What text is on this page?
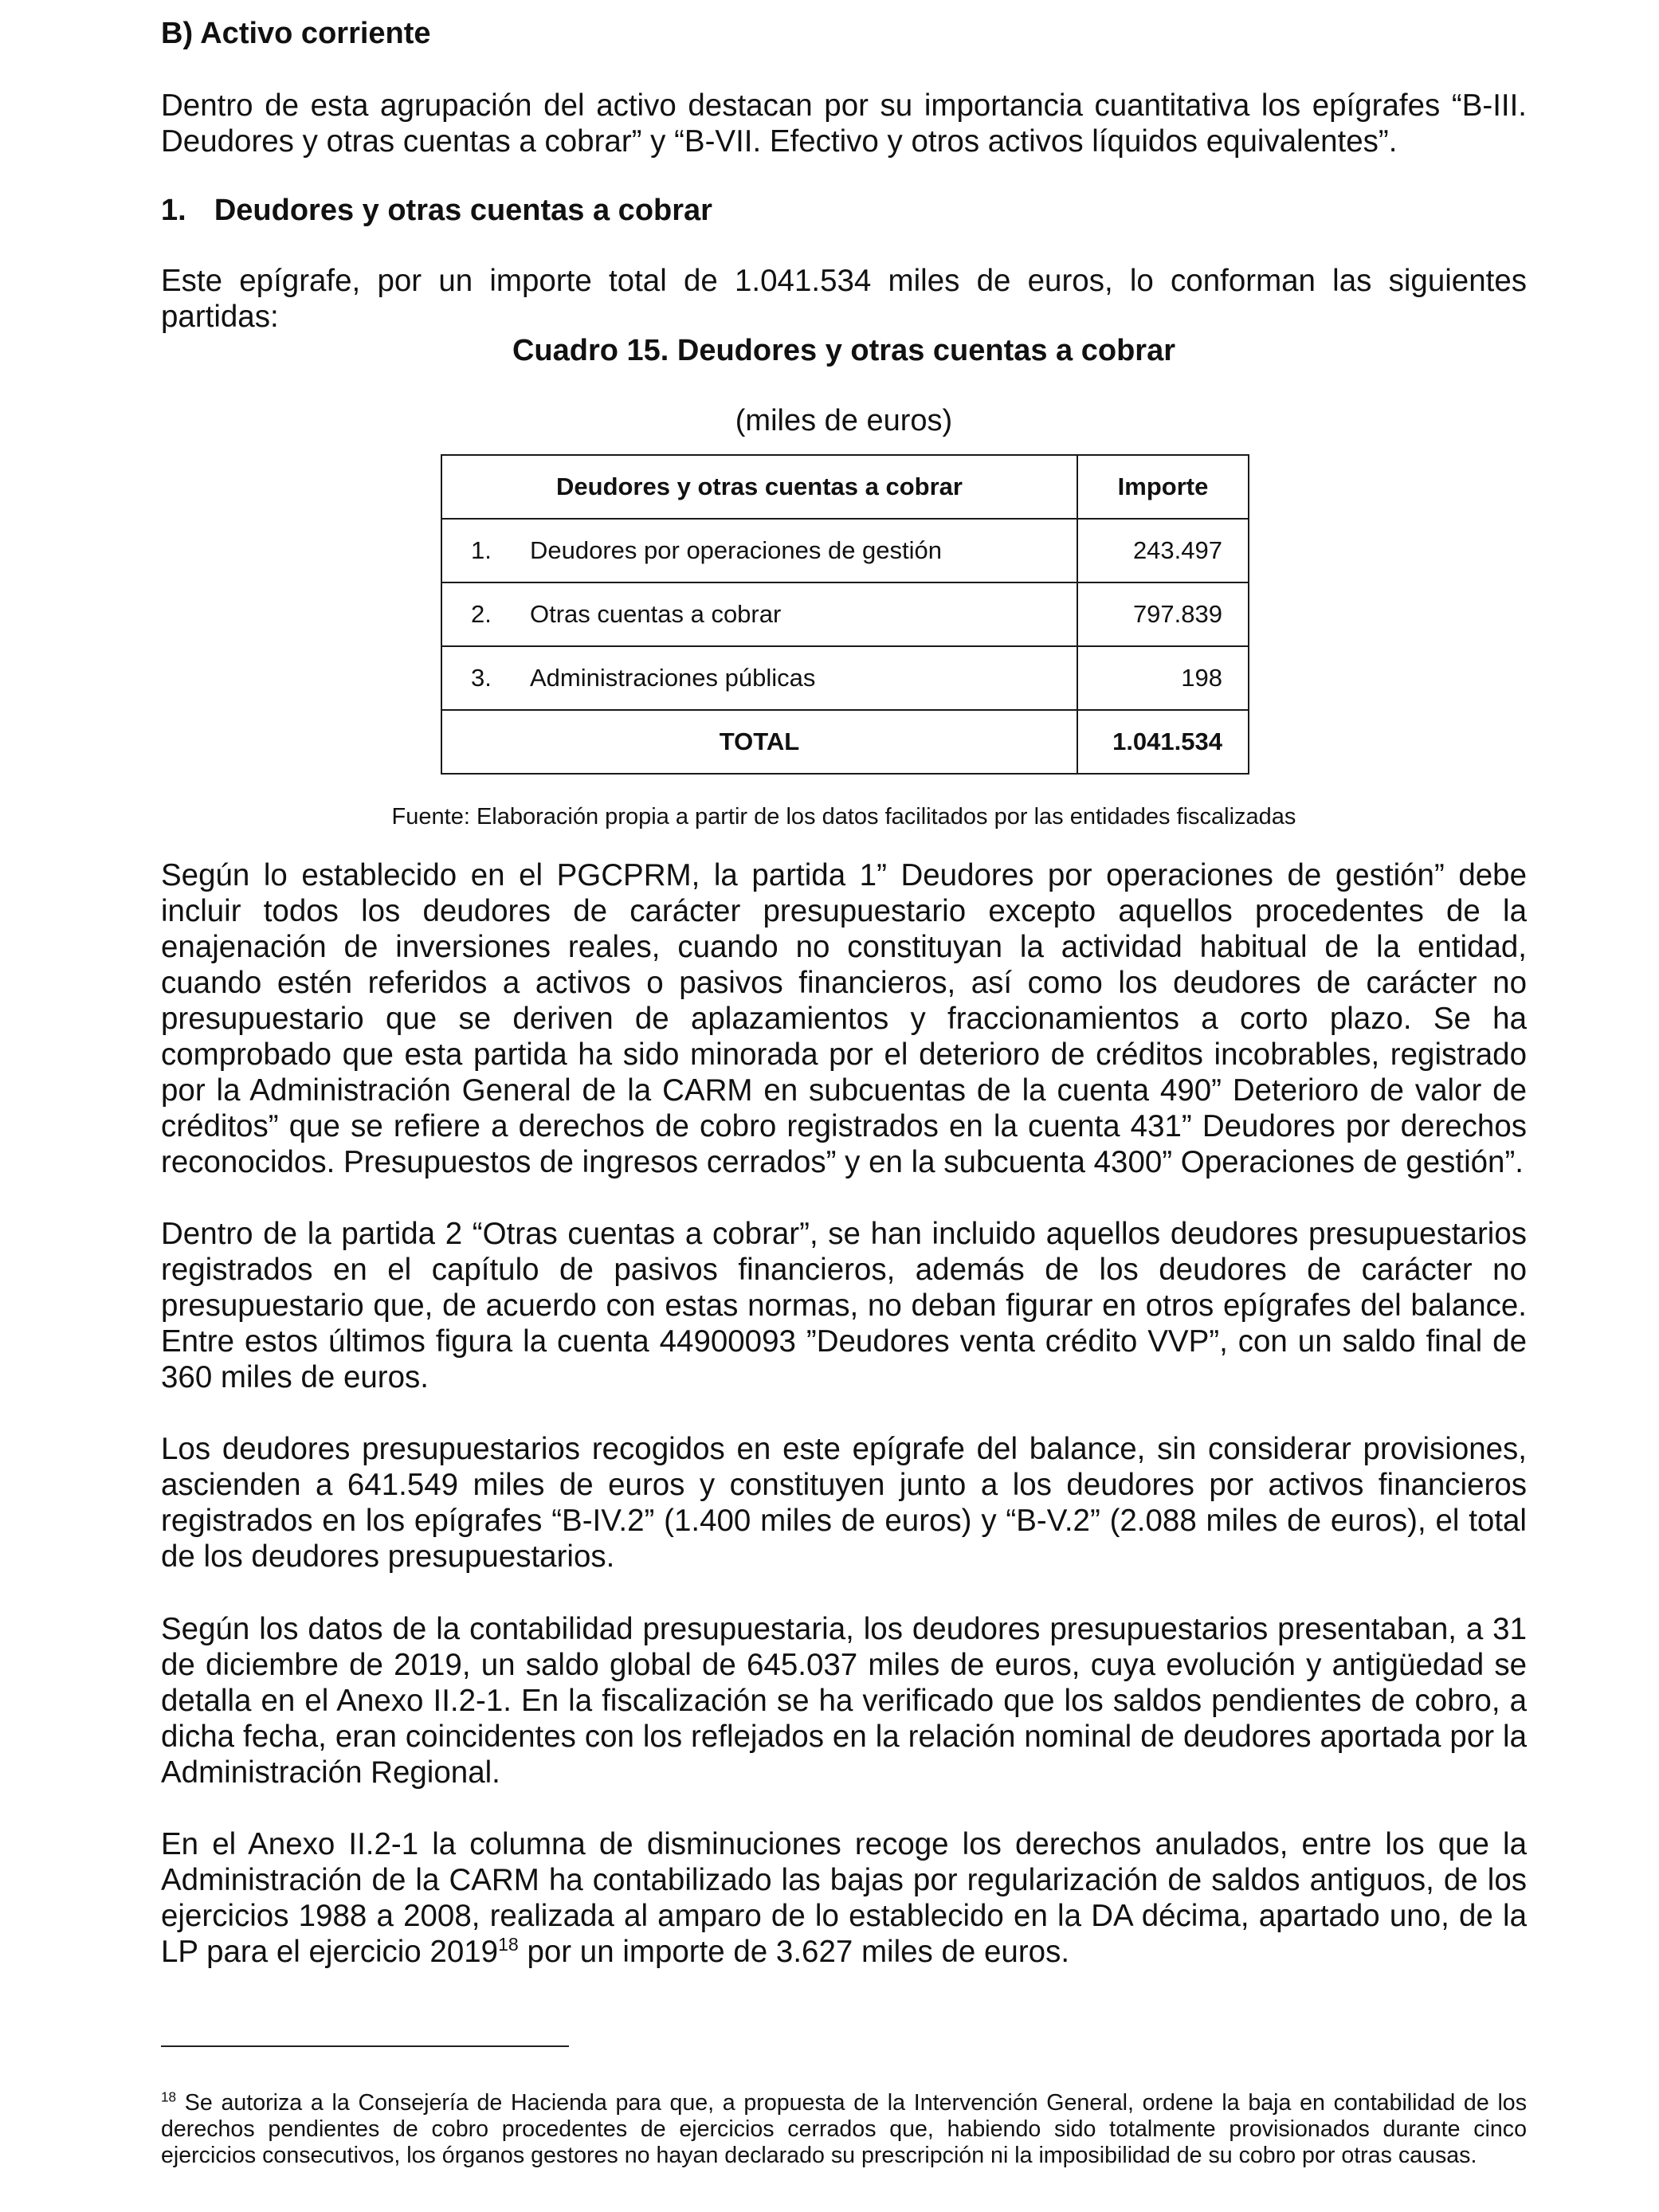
B) Activo corriente
Dentro de esta agrupación del activo destacan por su importancia cuantitativa los epígrafes “B-III. Deudores y otras cuentas a cobrar” y “B-VII. Efectivo y otros activos líquidos equivalentes”.
1. Deudores y otras cuentas a cobrar
Este epígrafe, por un importe total de 1.041.534 miles de euros, lo conforman las siguientes partidas:
Cuadro 15. Deudores y otras cuentas a cobrar
(miles de euros)
Deudores y otras cuentas a cobrar	Importe
1. Deudores por operaciones de gestión	243.497
2. Otras cuentas a cobrar	797.839
3. Administraciones públicas	198
TOTAL	1.041.534
Fuente: Elaboración propia a partir de los datos facilitados por las entidades fiscalizadas
Según lo establecido en el PGCPRM, la partida 1” Deudores por operaciones de gestión” debe incluir todos los deudores de carácter presupuestario excepto aquellos procedentes de la enajenación de inversiones reales, cuando no constituyan la actividad habitual de la entidad, cuando estén referidos a activos o pasivos financieros, así como los deudores de carácter no presupuestario que se deriven de aplazamientos y fraccionamientos a corto plazo. Se ha comprobado que esta partida ha sido minorada por el deterioro de créditos incobrables, registrado por la Administración General de la CARM en subcuentas de la cuenta 490” Deterioro de valor de créditos” que se refiere a derechos de cobro registrados en la cuenta 431” Deudores por derechos reconocidos. Presupuestos de ingresos cerrados” y en la subcuenta 4300” Operaciones de gestión”.
Dentro de la partida 2 “Otras cuentas a cobrar”, se han incluido aquellos deudores presupuestarios registrados en el capítulo de pasivos financieros, además de los deudores de carácter no presupuestario que, de acuerdo con estas normas, no deban figurar en otros epígrafes del balance. Entre estos últimos figura la cuenta 44900093 ”Deudores venta crédito VVP”, con un saldo final de 360 miles de euros.
Los deudores presupuestarios recogidos en este epígrafe del balance, sin considerar provisiones, ascienden a 641.549 miles de euros y constituyen junto a los deudores por activos financieros registrados en los epígrafes “B-IV.2” (1.400 miles de euros) y “B-V.2” (2.088 miles de euros), el total de los deudores presupuestarios.
Según los datos de la contabilidad presupuestaria, los deudores presupuestarios presentaban, a 31 de diciembre de 2019, un saldo global de 645.037 miles de euros, cuya evolución y antigüedad se detalla en el Anexo II.2-1. En la fiscalización se ha verificado que los saldos pendientes de cobro, a dicha fecha, eran coincidentes con los reflejados en la relación nominal de deudores aportada por la Administración Regional.
En el Anexo II.2-1 la columna de disminuciones recoge los derechos anulados, entre los que la Administración de la CARM ha contabilizado las bajas por regularización de saldos antiguos, de los ejercicios 1988 a 2008, realizada al amparo de lo establecido en la DA décima, apartado uno, de la LP para el ejercicio 2019$^{18}$ por un importe de 3.627 miles de euros.
$^{18}$ Se autoriza a la Consejería de Hacienda para que, a propuesta de la Intervención General, ordene la baja en contabilidad de los derechos pendientes de cobro procedentes de ejercicios cerrados que, habiendo sido totalmente provisionados durante cinco ejercicios consecutivos, los órganos gestores no hayan declarado su prescripción ni la imposibilidad de su cobro por otras causas.
